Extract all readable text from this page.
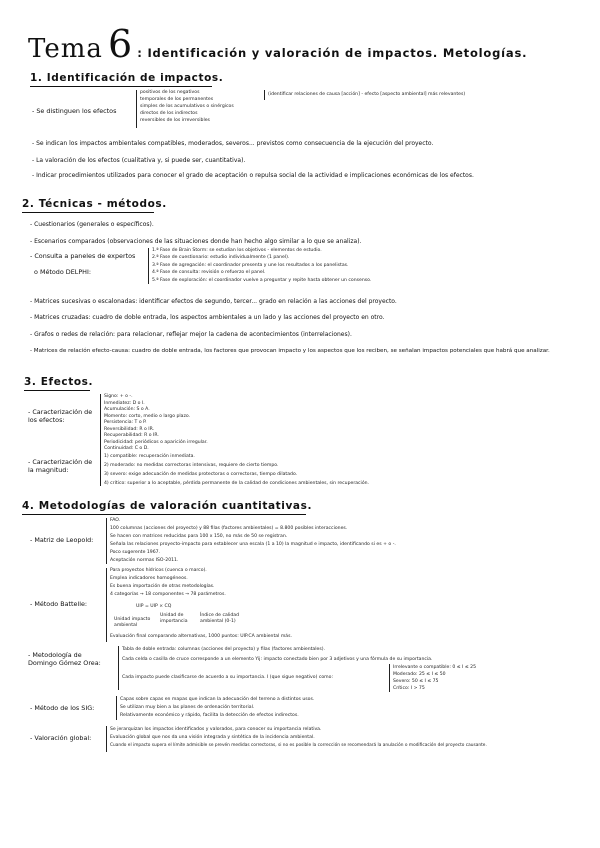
Tema 6 : Identificación y valoración de impactos. Metologías.
1. Identificación de impactos.
- Se distinguen los efectos
positivos de los negativos
temporales de los permanentes
simples de los acumulativos o sinérgicos
directos de los indirectos
reversibles de los irreversibles
(identificar relaciones de causa [acción] - efecto [aspecto ambiental] más relevantes)
- Se indican los impactos ambientales compatibles, moderados, severos... previstos como consecuencia de la ejecución del proyecto.
- La valoración de los efectos (cualitativa y, si puede ser, cuantitativa).
- Indicar procedimientos utilizados para conocer el grado de aceptación o repulsa social de la actividad e implicaciones económicas de los efectos.
2. Técnicas - métodos.
- Cuestionarios (generales o específicos).
- Escenarios comparados (observaciones de las situaciones donde han hecho algo similar a lo que se analiza).
- Consulta a paneles de expertos
o Método DELPHI:
1.ª Fase de Brain Storm: se estudian los objetivos - elementos de estudio.
2.ª Fase de cuestionario: estudio individualmente (1 panel).
3.ª Fase de agregación: el coordinador presenta y une los resultados a los panelistas.
4.ª Fase de consulta: revisión o refuerzo el panel.
5.ª Fase de exploración: el coordinador vuelve a preguntar y repite hasta obtener un consenso.
- Matrices sucesivas o escalonadas: identificar efectos de segundo, tercer... grado en relación a las acciones del proyecto.
- Matrices cruzadas: cuadro de doble entrada, los aspectos ambientales a un lado y las acciones del proyecto en otro.
- Grafos o redes de relación: para relacionar, reflejar mejor la cadena de acontecimientos (interrelaciones).
- Matrices de relación efecto-causa: cuadro de doble entrada, los factores que provocan impacto y los aspectos que los reciben, se señalan impactos potenciales que habrá que analizar.
3. Efectos.
- Caracterización de los efectos:
Signo: + o -.
Inmediatez: D o I.
Acumulación: S o A.
Momento: corto, medio o largo plazo.
Persistencia: T o P.
Reversibilidad: R o IR.
Recuperabilidad: R o IR.
Periodicidad: periódicos o aparición irregular.
Continuidad: C o D.
- Caracterización de la magnitud:
1) compatible: recuperación inmediata.
2) moderado: no medidas correctoras intensivas, requiere de cierto tiempo.
3) severo: exige adecuación de medidas protectoras o correctoras, tiempo dilatado.
4) crítico: superior a lo aceptable, pérdida permanente de la calidad de condiciones ambientales, sin recuperación.
4. Metodologías de valoración cuantitativas.
- Matriz de Leopold:
FAO.
100 columnas (acciones del proyecto) y 88 filas (factores ambientales) = 8.800 posibles interacciones.
Se hacen con matrices reducidas para 100 x 150, no más de 50 se registran.
Señala las relaciones proyecto-impacto para establecer una escala (1 a 10) la magnitud e impacto, identificando si es + o -.
Poco sugerente 1967.
Aceptación normas ISO-2011.
- Método Battelle:
Para proyectos hídricos (cuenca o marco).
Emplea indicadores homogéneos.
Es buena importación de otras metodologías.
4 categorías → 18 componentes → 78 parámetros.
UIP = UIP × CQ
Unidad impacto ambiental
Unidad de importancia
Índice de calidad ambiental (0-1)
Evaluación final comparando alternativas, 1000 puntos: UIP.CA ambiental más.
- Metodología de Domingo Gómez Orea:
Tabla de doble entrada: columnas (acciones del proyecto) y filas (factores ambientales).
Cada celda o casilla de cruce corresponde a un elemento Yij: impacto conectado bien por 3 adjetivos y una fórmula de su importancia.
Cada impacto puede clasificarse de acuerdo a su importancia. I (que sigue negativo) como:
Irrelevante o compatible: 0 ≤ I ≤ 25
Moderado: 25 ≤ I ≤ 50
Severo: 50 ≤ I ≤ 75
Crítico: I > 75
- Método de los SIG:
Capas sobre capas en mapas que indican la adecuación del terreno a distintos usos.
Se utilizan muy bien a las planes de ordenación territorial.
Relativamente económico y rápido, facilita la detección de efectos indirectos.
- Valoración global:
Se jerarquizan los impactos identificados y valorados, para conocer su importancia relativa.
Evaluación global que nos da una visión integrada y sintética de la incidencia ambiental.
Cuando el impacto supera el límite admisible se prevén medidas correctoras, si no es posible la corrección se recomendará la anulación o modificación del proyecto causante.
